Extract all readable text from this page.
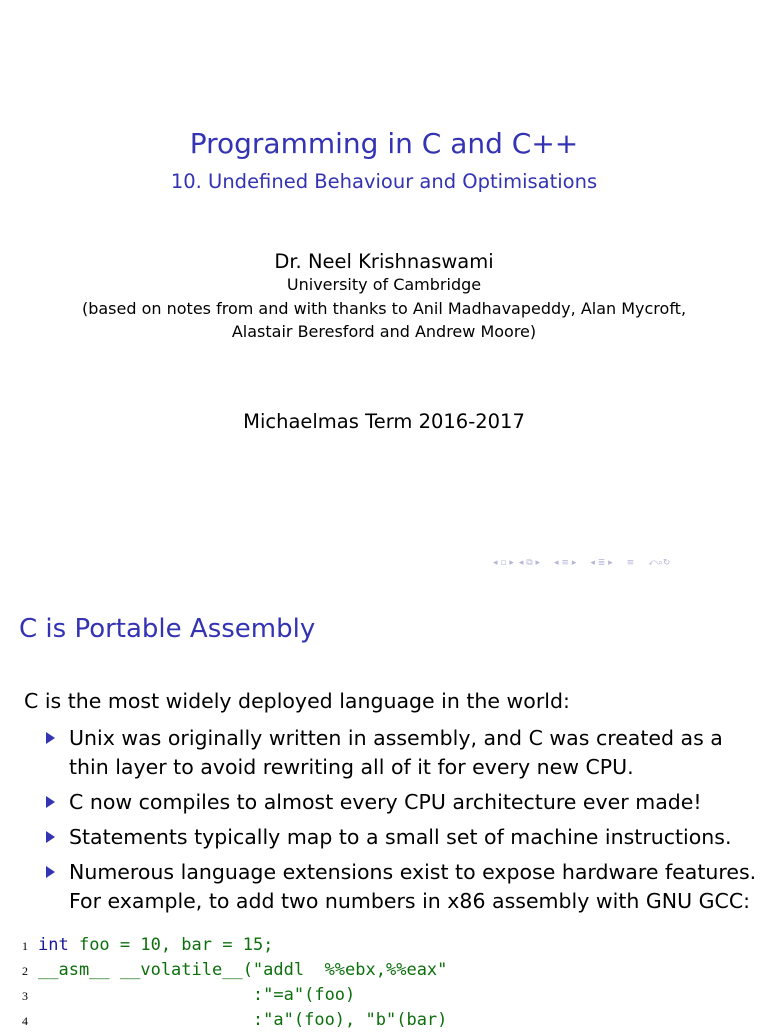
Programming in C and C++
10. Undefined Behaviour and Optimisations
Dr. Neel Krishnaswami
University of Cambridge
(based on notes from and with thanks to Anil Madhavapeddy, Alan Mycroft,
Alastair Beresford and Andrew Moore)
Michaelmas Term 2016-2017
◂ ▫ ▸ ◂ ⧉ ▸ ◂ ≡ ▸ ◂ ≣ ▸ ≡ ⤺⌕↻
C is Portable Assembly
C is the most widely deployed language in the world:
Unix was originally written in assembly, and C was created as a thin layer to avoid rewriting all of it for every new CPU.
C now compiles to almost every CPU architecture ever made!
Statements typically map to a small set of machine instructions.
Numerous language extensions exist to expose hardware features. For example, to add two numbers in x86 assembly with GNU GCC:
1 int foo = 10, bar = 15;
2 __asm__ __volatile__("addl  %%ebx,%%eax"
3                     :"=a"(foo)
4                     :"a"(foo), "b"(bar)
